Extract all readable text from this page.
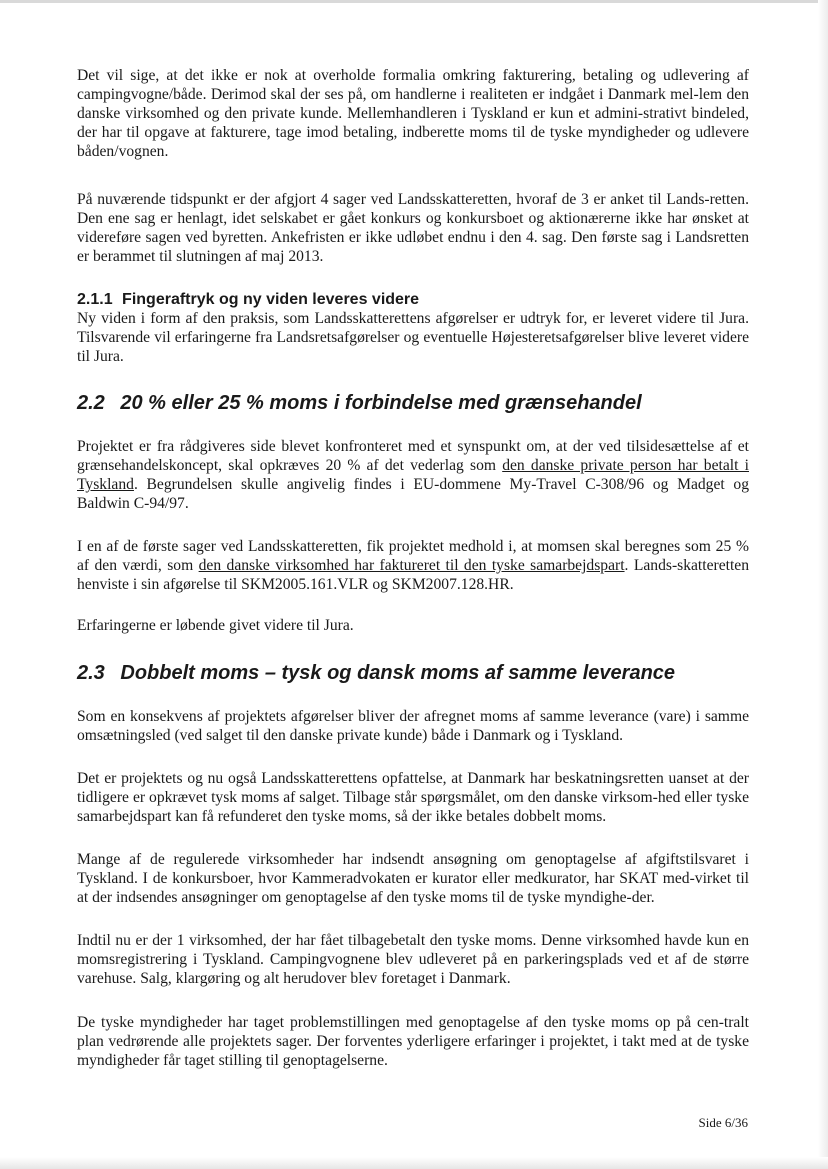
Det vil sige, at det ikke er nok at overholde formalia omkring fakturering, betaling og udlevering af campingvogne/både. Derimod skal der ses på, om handlerne i realiteten er indgået i Danmark mel-lem den danske virksomhed og den private kunde. Mellemhandleren i Tyskland er kun et admini-strativt bindeled, der har til opgave at fakturere, tage imod betaling, indberette moms til de tyske myndigheder og udlevere båden/vognen.

På nuværende tidspunkt er der afgjort 4 sager ved Landsskatteretten, hvoraf de 3 er anket til Lands-retten. Den ene sag er henlagt, idet selskabet er gået konkurs og konkursboet og aktionærerne ikke har ønsket at videreføre sagen ved byretten. Ankefristen er ikke udløbet endnu i den 4. sag. Den første sag i Landsretten er berammet til slutningen af maj 2013.

2.1.1 Fingeraftryk og ny viden leveres videre

Ny viden i form af den praksis, som Landsskatterettens afgørelser er udtryk for, er leveret videre til Jura. Tilsvarende vil erfaringerne fra Landsretsafgørelser og eventuelle Højesteretsafgørelser blive leveret videre til Jura.

2.2 20 % eller 25 % moms i forbindelse med grænsehandel

Projektet er fra rådgiveres side blevet konfronteret med et synspunkt om, at der ved tilsidesættelse af et grænsehandelskoncept, skal opkræves 20 % af det vederlag som den danske private person har betalt i Tyskland. Begrundelsen skulle angivelig findes i EU-dommene My-Travel C-308/96 og Madget og Baldwin C-94/97.

I en af de første sager ved Landsskatteretten, fik projektet medhold i, at momsen skal beregnes som 25 % af den værdi, som den danske virksomhed har faktureret til den tyske samarbejdspart. Lands-skatteretten henviste i sin afgørelse til SKM2005.161.VLR og SKM2007.128.HR.

Erfaringerne er løbende givet videre til Jura.

2.3 Dobbelt moms – tysk og dansk moms af samme leverance

Som en konsekvens af projektets afgørelser bliver der afregnet moms af samme leverance (vare) i samme omsætningsled (ved salget til den danske private kunde) både i Danmark og i Tyskland.

Det er projektets og nu også Landsskatterettens opfattelse, at Danmark har beskatningsretten uanset at der tidligere er opkrævet tysk moms af salget. Tilbage står spørgsmålet, om den danske virksom-hed eller tyske samarbejdspart kan få refunderet den tyske moms, så der ikke betales dobbelt moms.

Mange af de regulerede virksomheder har indsendt ansøgning om genoptagelse af afgiftstilsvaret i Tyskland. I de konkursboer, hvor Kammeradvokaten er kurator eller medkurator, har SKAT med-virket til at der indsendes ansøgninger om genoptagelse af den tyske moms til de tyske myndighe-der.

Indtil nu er der 1 virksomhed, der har fået tilbagebetalt den tyske moms. Denne virksomhed havde kun en momsregistrering i Tyskland. Campingvognene blev udleveret på en parkeringsplads ved et af de større varehuse. Salg, klargøring og alt herudover blev foretaget i Danmark.

De tyske myndigheder har taget problemstillingen med genoptagelse af den tyske moms op på cen-tralt plan vedrørende alle projektets sager. Der forventes yderligere erfaringer i projektet, i takt med at de tyske myndigheder får taget stilling til genoptagelserne.

Side 6/36
